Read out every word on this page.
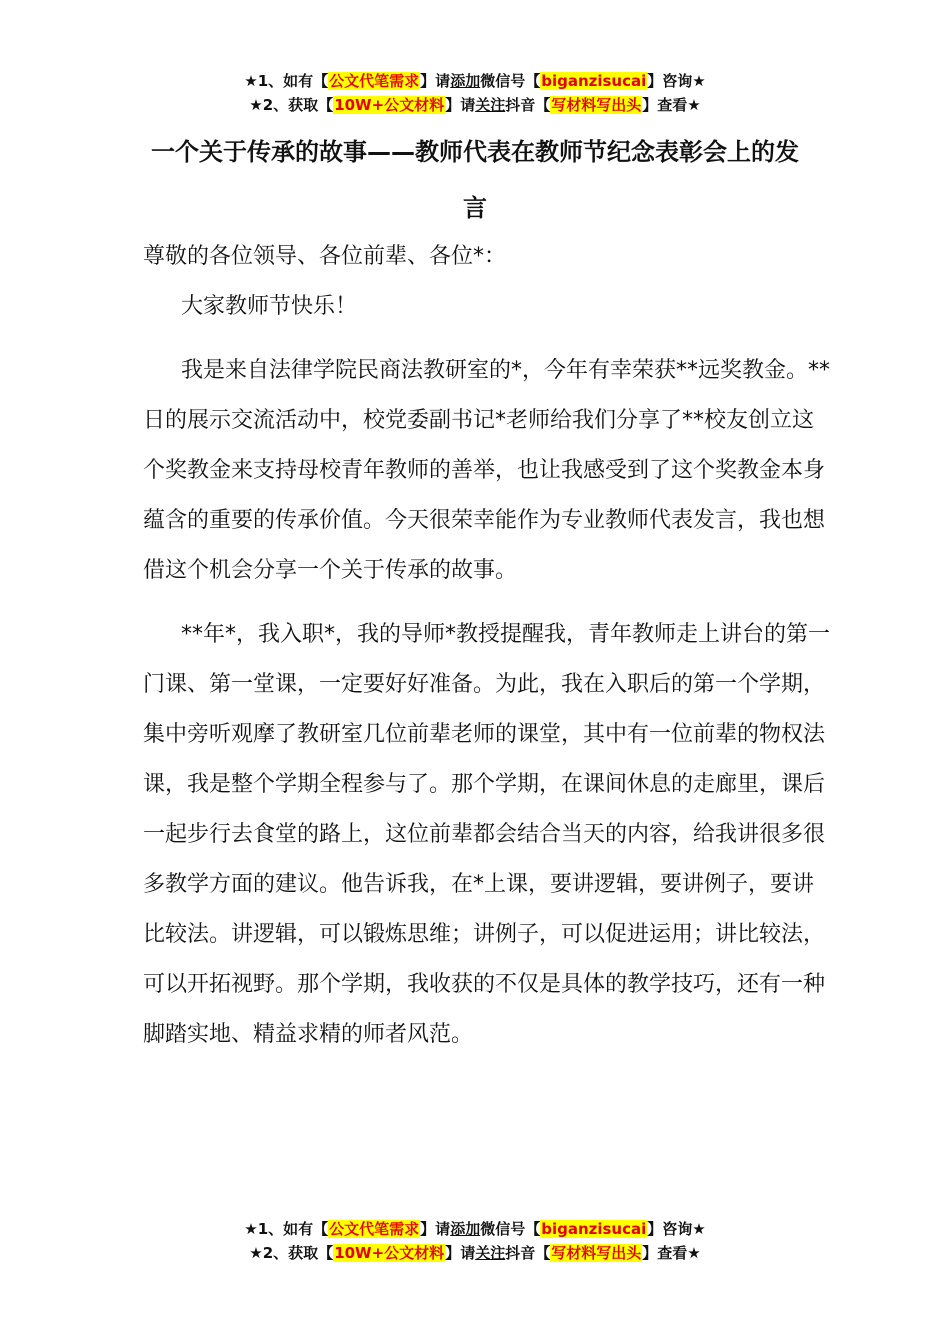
★1、如有【公文代笔需求】请添加微信号【biganzisucai】咨询★
★2、获取【10W+公文材料】请关注抖音【写材料写出头】查看★
一个关于传承的故事——教师代表在教师节纪念表彰会上的发言

尊敬的各位领导、各位前辈、各位*：

大家教师节快乐！

我是来自法律学院民商法教研室的*，今年有幸荣获**远奖教金。**日的展示交流活动中，校党委副书记*老师给我们分享了**校友创立这个奖教金来支持母校青年教师的善举，也让我感受到了这个奖教金本身蕴含的重要的传承价值。今天很荣幸能作为专业教师代表发言，我也想借这个机会分享一个关于传承的故事。

**年*，我入职*，我的导师*教授提醒我，青年教师走上讲台的第一门课、第一堂课，一定要好好准备。为此，我在入职后的第一个学期，集中旁听观摩了教研室几位前辈老师的课堂，其中有一位前辈的物权法课，我是整个学期全程参与了。那个学期，在课间休息的走廊里，课后一起步行去食堂的路上，这位前辈都会结合当天的内容，给我讲很多很多教学方面的建议。他告诉我，在*上课，要讲逻辑，要讲例子，要讲比较法。讲逻辑，可以锻炼思维；讲例子，可以促进运用；讲比较法，可以开拓视野。那个学期，我收获的不仅是具体的教学技巧，还有一种脚踏实地、精益求精的师者风范。

★1、如有【公文代笔需求】请添加微信号【biganzisucai】咨询★
★2、获取【10W+公文材料】请关注抖音【写材料写出头】查看★
